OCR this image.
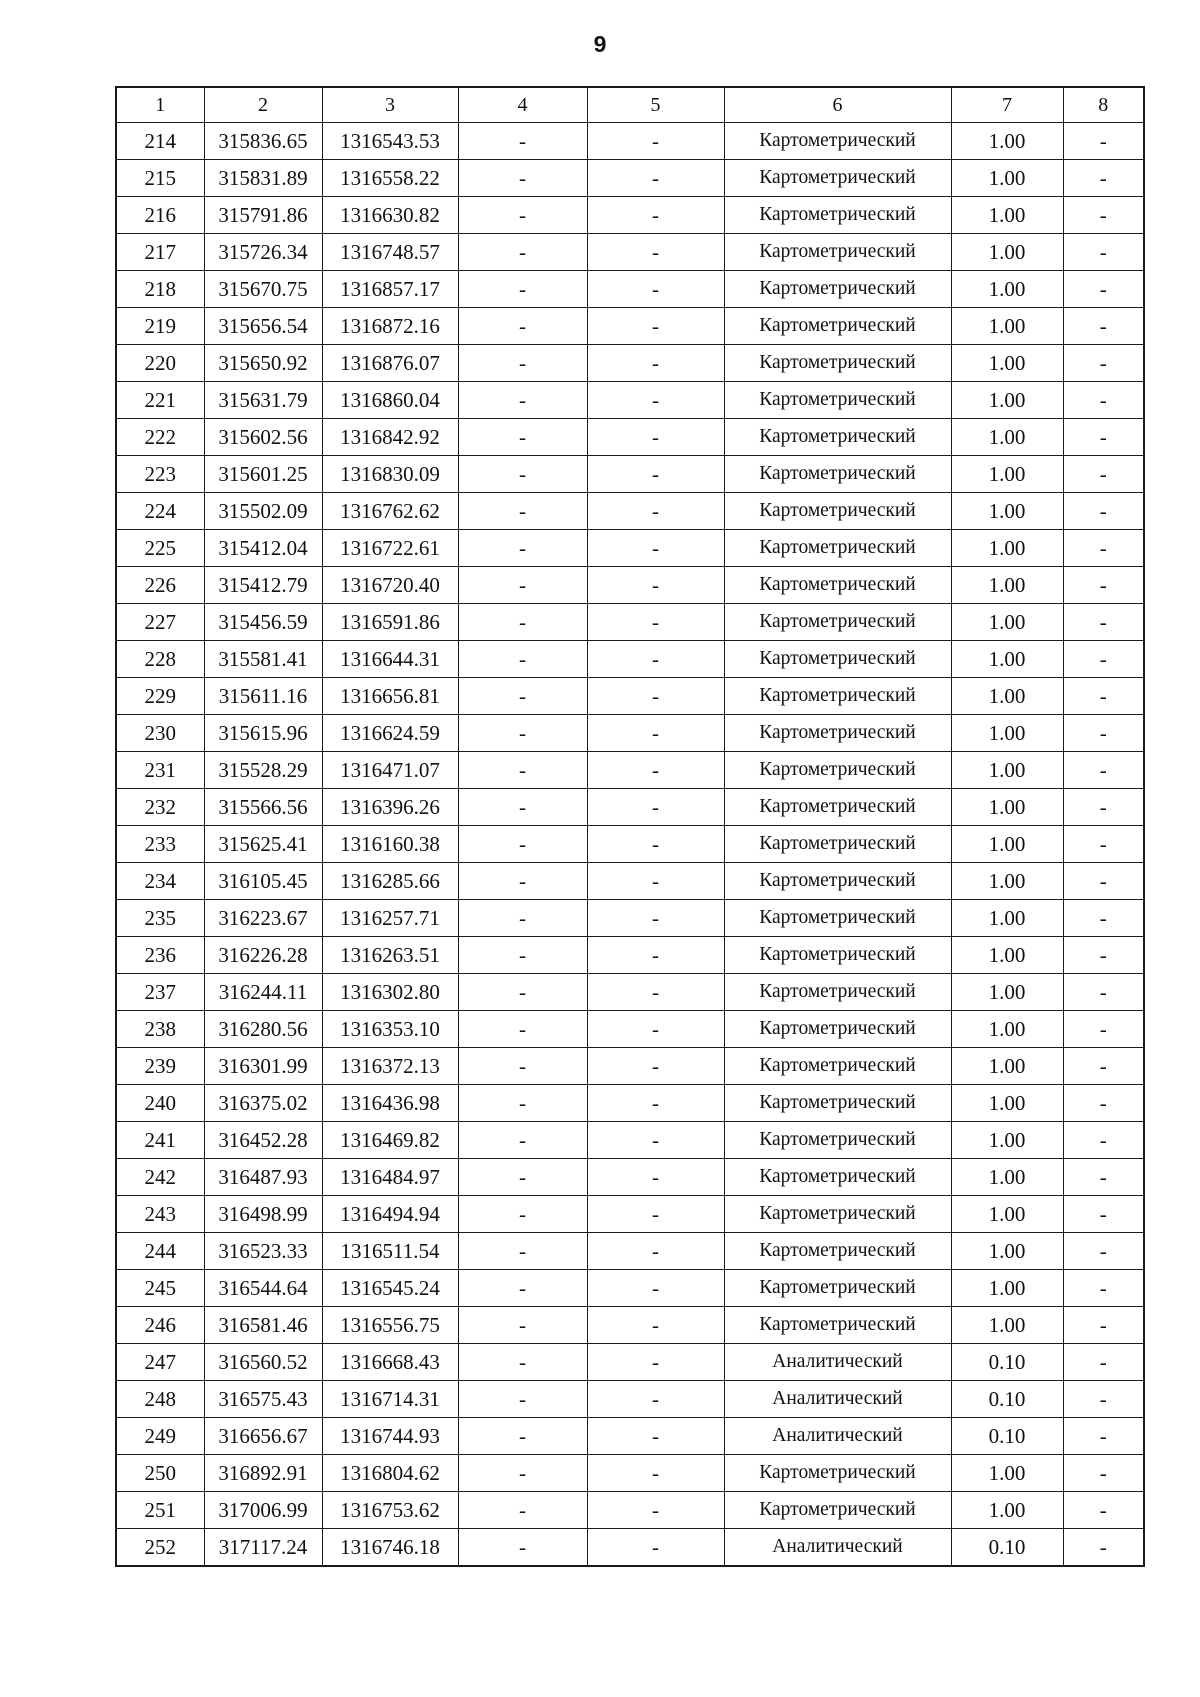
9
1	2	3	4	5	6	7	8
214	315836.65	1316543.53	-	-	Картометрический	1.00	-
215	315831.89	1316558.22	-	-	Картометрический	1.00	-
216	315791.86	1316630.82	-	-	Картометрический	1.00	-
217	315726.34	1316748.57	-	-	Картометрический	1.00	-
218	315670.75	1316857.17	-	-	Картометрический	1.00	-
219	315656.54	1316872.16	-	-	Картометрический	1.00	-
220	315650.92	1316876.07	-	-	Картометрический	1.00	-
221	315631.79	1316860.04	-	-	Картометрический	1.00	-
222	315602.56	1316842.92	-	-	Картометрический	1.00	-
223	315601.25	1316830.09	-	-	Картометрический	1.00	-
224	315502.09	1316762.62	-	-	Картометрический	1.00	-
225	315412.04	1316722.61	-	-	Картометрический	1.00	-
226	315412.79	1316720.40	-	-	Картометрический	1.00	-
227	315456.59	1316591.86	-	-	Картометрический	1.00	-
228	315581.41	1316644.31	-	-	Картометрический	1.00	-
229	315611.16	1316656.81	-	-	Картометрический	1.00	-
230	315615.96	1316624.59	-	-	Картометрический	1.00	-
231	315528.29	1316471.07	-	-	Картометрический	1.00	-
232	315566.56	1316396.26	-	-	Картометрический	1.00	-
233	315625.41	1316160.38	-	-	Картометрический	1.00	-
234	316105.45	1316285.66	-	-	Картометрический	1.00	-
235	316223.67	1316257.71	-	-	Картометрический	1.00	-
236	316226.28	1316263.51	-	-	Картометрический	1.00	-
237	316244.11	1316302.80	-	-	Картометрический	1.00	-
238	316280.56	1316353.10	-	-	Картометрический	1.00	-
239	316301.99	1316372.13	-	-	Картометрический	1.00	-
240	316375.02	1316436.98	-	-	Картометрический	1.00	-
241	316452.28	1316469.82	-	-	Картометрический	1.00	-
242	316487.93	1316484.97	-	-	Картометрический	1.00	-
243	316498.99	1316494.94	-	-	Картометрический	1.00	-
244	316523.33	1316511.54	-	-	Картометрический	1.00	-
245	316544.64	1316545.24	-	-	Картометрический	1.00	-
246	316581.46	1316556.75	-	-	Картометрический	1.00	-
247	316560.52	1316668.43	-	-	Аналитический	0.10	-
248	316575.43	1316714.31	-	-	Аналитический	0.10	-
249	316656.67	1316744.93	-	-	Аналитический	0.10	-
250	316892.91	1316804.62	-	-	Картометрический	1.00	-
251	317006.99	1316753.62	-	-	Картометрический	1.00	-
252	317117.24	1316746.18	-	-	Аналитический	0.10	-
